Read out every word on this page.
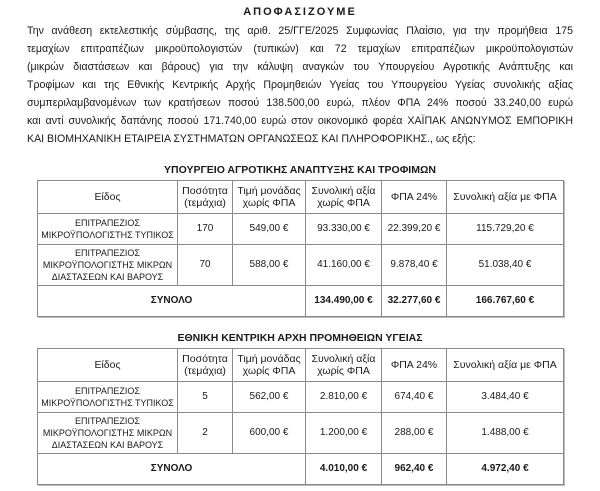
ΑΠΟΦΑΣΙΖΟΥΜΕ
Την ανάθεση εκτελεστικής σύμβασης, της αριθ. 25/ΓΓΕ/2025 Συμφωνίας Πλαίσιο, για την προμήθεια 175
τεμαχίων επιτραπέζιων μικροϋπολογιστών (τυπικών) και 72 τεμαχίων επιτραπέζιων μικροϋπολογιστών
(μικρών διαστάσεων και βάρους) για την κάλυψη αναγκών του Υπουργείου Αγροτικής Ανάπτυξης και
Τροφίμων και της Εθνικής Κεντρικής Αρχής Προμηθειών Υγείας του Υπουργείου Υγείας συνολικής αξίας
συμπεριλαμβανομένων των κρατήσεων ποσού 138.500,00 ευρώ, πλέον ΦΠΑ 24% ποσού 33.240,00 ευρώ
και αντί συνολικής δαπάνης ποσού 171.740,00 ευρώ στον οικονομικό φορέα ΧΑΪΠΑΚ ΑΝΩΝΥΜΟΣ ΕΜΠΟΡΙΚΗ
ΚΑΙ ΒΙΟΜΗΧΑΝΙΚΗ ΕΤΑΙΡΕΙΑ ΣΥΣΤΗΜΑΤΩΝ ΟΡΓΑΝΩΣΕΩΣ ΚΑΙ ΠΛΗΡΟΦΟΡΙΚΗΣ., ως εξής:
ΥΠΟΥΡΓΕΙΟ ΑΓΡΟΤΙΚΗΣ ΑΝΑΠΤΥΞΗΣ ΚΑΙ ΤΡΟΦΙΜΩΝ
Είδος	Ποσότητα (τεμάχια)	Τιμή μονάδας χωρίς ΦΠΑ	Συνολική αξία χωρίς ΦΠΑ	ΦΠΑ 24%	Συνολική αξία με ΦΠΑ
ΕΠΙΤΡΑΠΕΖΙΟΣ ΜΙΚΡΟΫΠΟΛΟΓΙΣΤΗΣ ΤΥΠΙΚΟΣ	170	549,00 €	93.330,00 €	22.399,20 €	115.729,20 €
ΕΠΙΤΡΑΠΕΖΙΟΣ ΜΙΚΡΟΫΠΟΛΟΓΙΣΤΗΣ ΜΙΚΡΩΝ ΔΙΑΣΤΑΣΕΩΝ ΚΑΙ ΒΑΡΟΥΣ	70	588,00 €	41.160,00 €	9.878,40 €	51.038,40 €
ΣΥΝΟΛΟ			134.490,00 €	32.277,60 €	166.767,60 €
ΕΘΝΙΚΗ ΚΕΝΤΡΙΚΗ ΑΡΧΗ ΠΡΟΜΗΘΕΙΩΝ ΥΓΕΙΑΣ
Είδος	Ποσότητα (τεμάχια)	Τιμή μονάδας χωρίς ΦΠΑ	Συνολική αξία χωρίς ΦΠΑ	ΦΠΑ 24%	Συνολική αξία με ΦΠΑ
ΕΠΙΤΡΑΠΕΖΙΟΣ ΜΙΚΡΟΫΠΟΛΟΓΙΣΤΗΣ ΤΥΠΙΚΟΣ	5	562,00 €	2.810,00 €	674,40 €	3.484,40 €
ΕΠΙΤΡΑΠΕΖΙΟΣ ΜΙΚΡΟΫΠΟΛΟΓΙΣΤΗΣ ΜΙΚΡΩΝ ΔΙΑΣΤΑΣΕΩΝ ΚΑΙ ΒΑΡΟΥΣ	2	600,00 €	1.200,00 €	288,00 €	1.488,00 €
ΣΥΝΟΛΟ			4.010,00 €	962,40 €	4.972,40 €
